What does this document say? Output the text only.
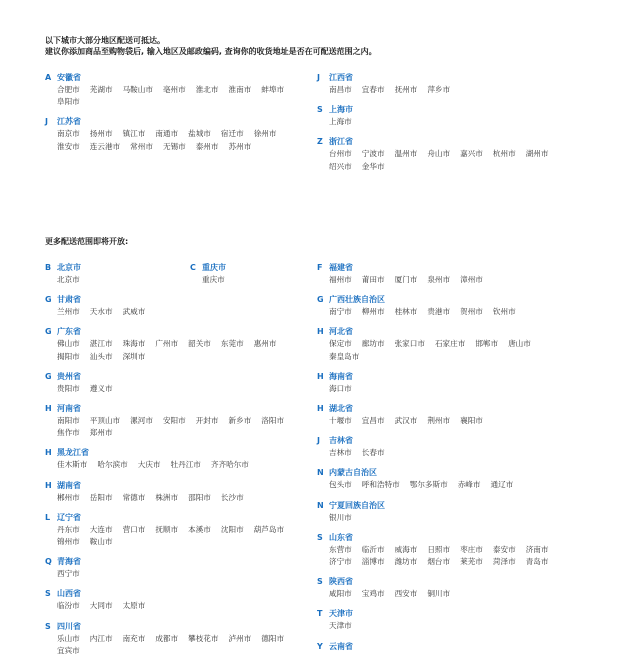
以下城市大部分地区配送可抵达。
建议你添加商品至购物袋后, 输入地区及邮政编码, 查询你的收货地址是否在可配送范围之内。
A 安徽省
合肥市 芜湖市 马鞍山市 亳州市 淮北市 淮南市 蚌埠市阜阳市
J 江苏省
南京市 扬州市 镇江市 南通市 盐城市 宿迁市 徐州市淮安市 连云港市 常州市 无锡市 泰州市 苏州市
J 江西省
南昌市 宜春市 抚州市 萍乡市
S 上海市
上海市
Z 浙江省
台州市 宁波市 温州市 舟山市 嘉兴市 杭州市 湖州市绍兴市 金华市
更多配送范围即将开放:
B 北京市
北京市
C 重庆市
重庆市
G 甘肃省
兰州市 天水市 武威市
G 广东省
佛山市 湛江市 珠海市 广州市 韶关市 东莞市 惠州市揭阳市 汕头市 深圳市
G 贵州省
贵阳市 遵义市
H 河南省
南阳市 平顶山市 漯河市 安阳市 开封市 新乡市 洛阳市焦作市 郑州市
H 黑龙江省
佳木斯市 哈尔滨市 大庆市 牡丹江市 齐齐哈尔市
H 湖南省
郴州市 岳阳市 常德市 株洲市 邵阳市 长沙市
L 辽宁省
丹东市 大连市 营口市 抚顺市 本溪市 沈阳市 葫芦岛市锦州市 鞍山市
Q 青海省
西宁市
S 山西省
临汾市 大同市 太原市
S 四川省
乐山市 内江市 南充市 成都市 攀枝花市 泸州市 德阳市宜宾市
F 福建省
福州市 莆田市 厦门市 泉州市 漳州市
G 广西壮族自治区
南宁市 柳州市 桂林市 贵港市 贺州市 钦州市
H 河北省
保定市 廊坊市 张家口市 石家庄市 邯郸市 唐山市秦皇岛市
H 海南省
海口市
H 湖北省
十堰市 宜昌市 武汉市 荆州市 襄阳市
J 吉林省
吉林市 长春市
N 内蒙古自治区
包头市 呼和浩特市 鄂尔多斯市 赤峰市 通辽市
N 宁夏回族自治区
银川市
S 山东省
东营市 临沂市 威海市 日照市 枣庄市 泰安市 济南市济宁市 淄博市 潍坊市 烟台市 莱芜市 菏泽市 青岛市
S 陕西省
咸阳市 宝鸡市 西安市 铜川市
T 天津市
天津市
Y 云南省
